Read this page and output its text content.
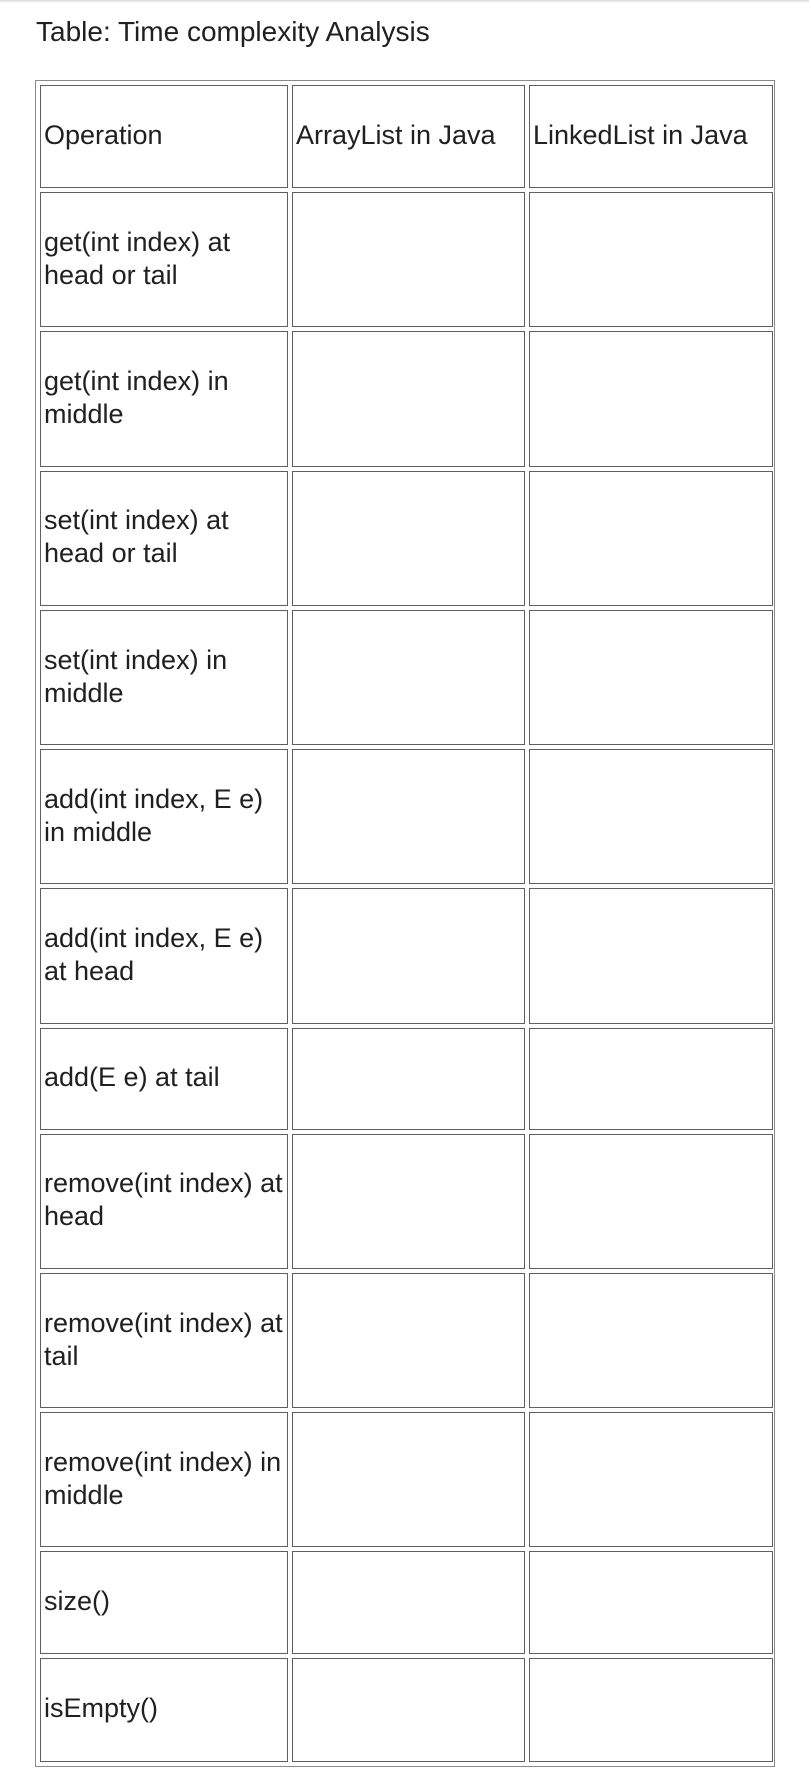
Table: Time complexity Analysis
Operation	ArrayList in Java	LinkedList in Java
get(int index) at head or tail		
get(int index) in middle		
set(int index) at head or tail		
set(int index) in middle		
add(int index, E e) in middle		
add(int index, E e) at head		
add(E e) at tail		
remove(int index) at head		
remove(int index) at tail		
remove(int index) in middle		
size()		
isEmpty()		
